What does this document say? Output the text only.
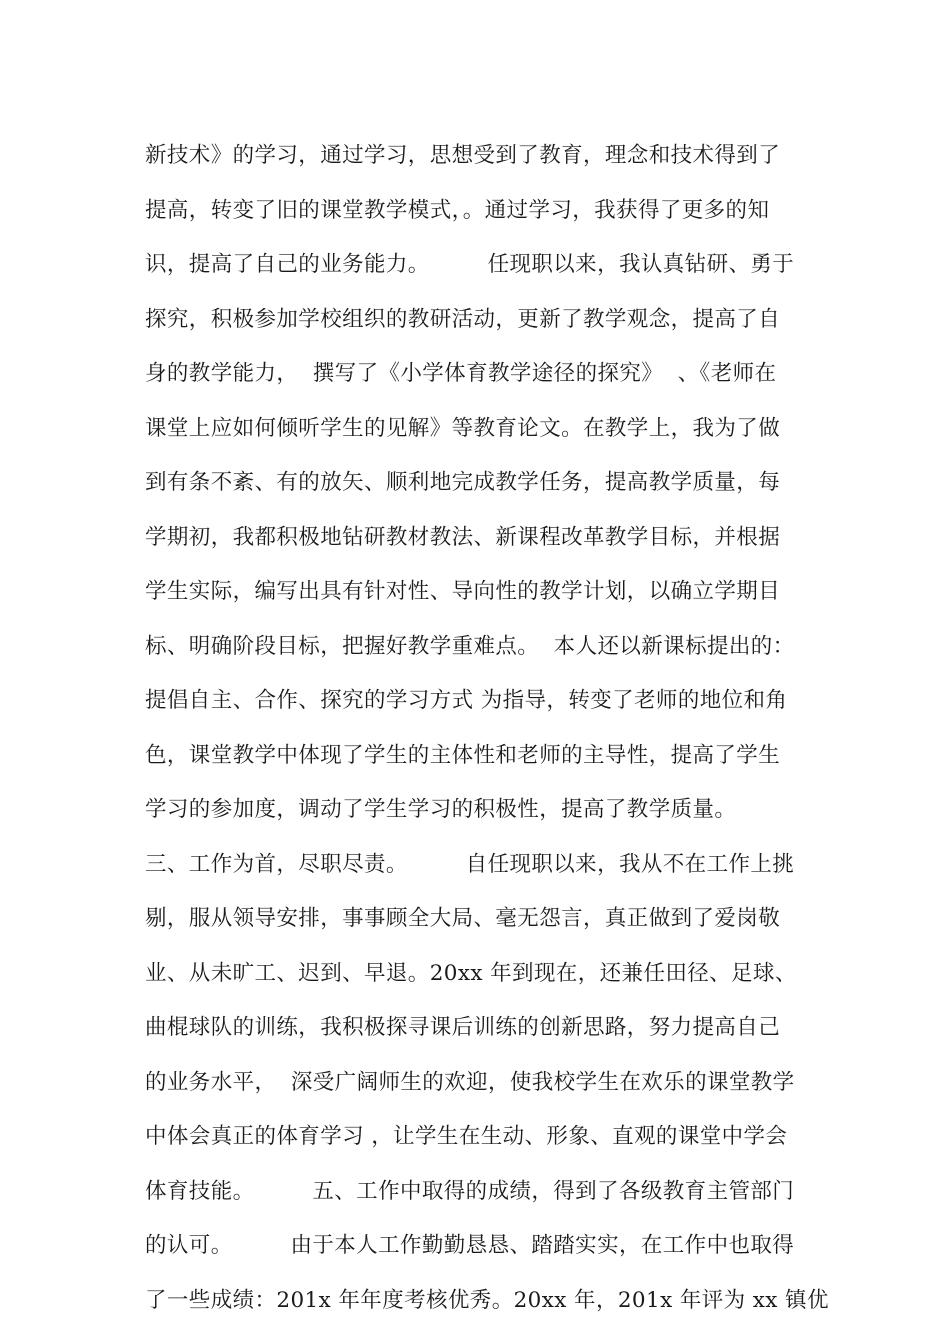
新技术》的学习，通过学习，思想受到了教育，理念和技术得到了
提高，转变了旧的课堂教学模式，。通过学习，我获得了更多的知
识，提高了自己的业务能力。        任现职以来，我认真钻研、勇于
探究，积极参加学校组织的教研活动，更新了教学观念，提高了自
身的教学能力，  撰写了《小学体育教学途径的探究》  、《老师在
课堂上应如何倾听学生的见解》等教育论文。在教学上，我为了做
到有条不紊、有的放矢、顺利地完成教学任务，提高教学质量，每
学期初，我都积极地钻研教材教法、新课程改革教学目标，并根据
学生实际，编写出具有针对性、导向性的教学计划，以确立学期目
标、明确阶段目标，把握好教学重难点。  本人还以新课标提出的：
提倡自主、合作、探究的学习方式 为指导，转变了老师的地位和角
色，课堂教学中体现了学生的主体性和老师的主导性，提高了学生
学习的参加度，调动了学生学习的积极性，提高了教学质量。
三、工作为首，尽职尽责。        自任现职以来，我从不在工作上挑
剔，服从领导安排，事事顾全大局、毫无怨言，真正做到了爱岗敬
业、从未旷工、迟到、早退。20xx 年到现在，还兼任田径、足球、
曲棍球队的训练，我积极探寻课后训练的创新思路，努力提高自己
的业务水平，  深受广阔师生的欢迎，使我校学生在欢乐的课堂教学
中体会真正的体育学习 ，让学生在生动、形象、直观的课堂中学会
体育技能。        五、工作中取得的成绩，得到了各级教育主管部门
的认可。        由于本人工作勤勤恳恳、踏踏实实，在工作中也取得
了一些成绩：201x 年年度考核优秀。20xx 年，201x 年评为 xx 镇优
